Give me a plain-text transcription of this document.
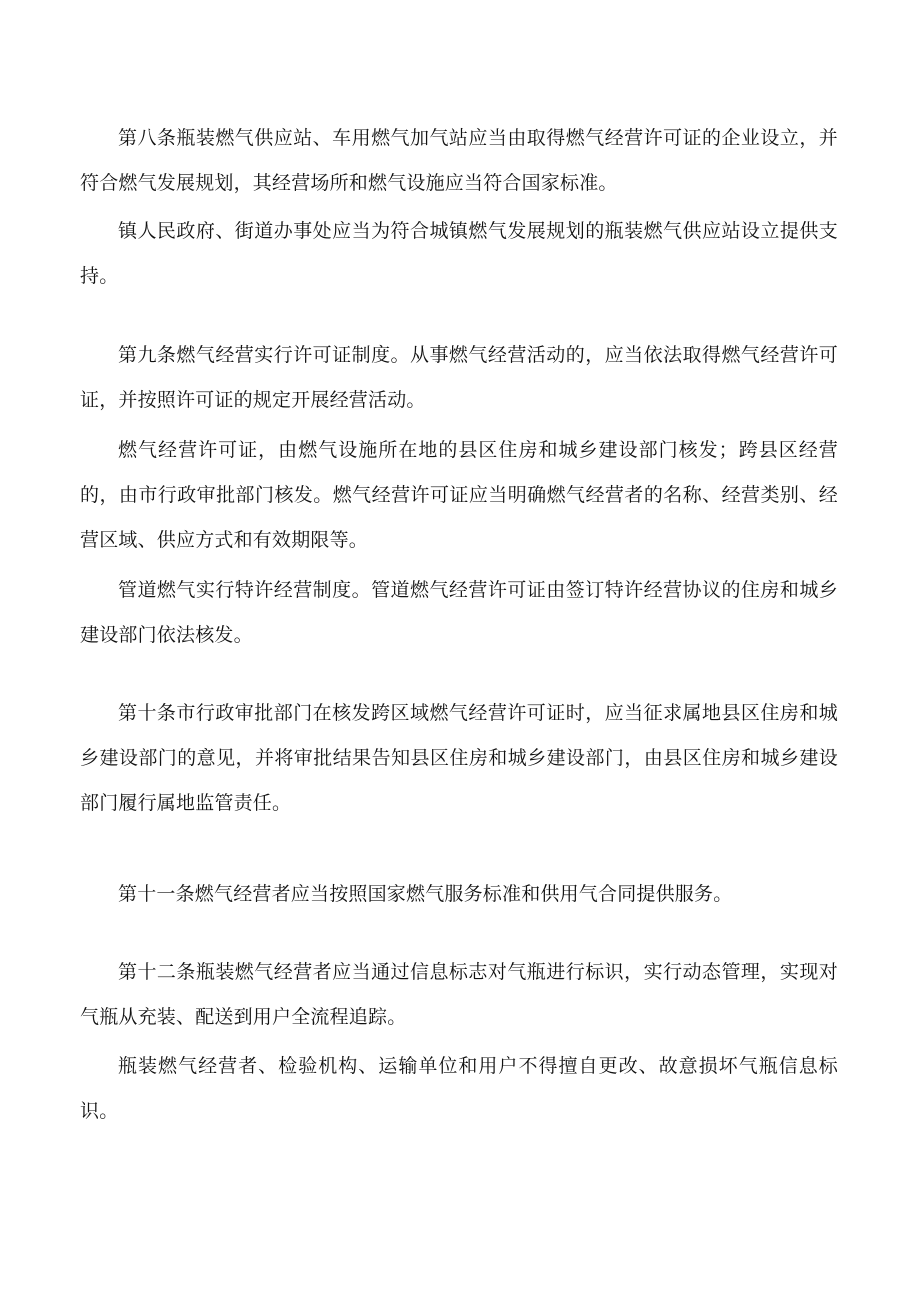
第八条瓶装燃气供应站、车用燃气加气站应当由取得燃气经营许可证的企业设立，并符合燃气发展规划，其经营场所和燃气设施应当符合国家标准。

镇人民政府、街道办事处应当为符合城镇燃气发展规划的瓶装燃气供应站设立提供支持。

第九条燃气经营实行许可证制度。从事燃气经营活动的，应当依法取得燃气经营许可证，并按照许可证的规定开展经营活动。

燃气经营许可证，由燃气设施所在地的县区住房和城乡建设部门核发；跨县区经营的，由市行政审批部门核发。燃气经营许可证应当明确燃气经营者的名称、经营类别、经营区域、供应方式和有效期限等。

管道燃气实行特许经营制度。管道燃气经营许可证由签订特许经营协议的住房和城乡建设部门依法核发。

第十条市行政审批部门在核发跨区域燃气经营许可证时，应当征求属地县区住房和城乡建设部门的意见，并将审批结果告知县区住房和城乡建设部门，由县区住房和城乡建设部门履行属地监管责任。

第十一条燃气经营者应当按照国家燃气服务标准和供用气合同提供服务。

第十二条瓶装燃气经营者应当通过信息标志对气瓶进行标识，实行动态管理，实现对气瓶从充装、配送到用户全流程追踪。

瓶装燃气经营者、检验机构、运输单位和用户不得擅自更改、故意损坏气瓶信息标识。
